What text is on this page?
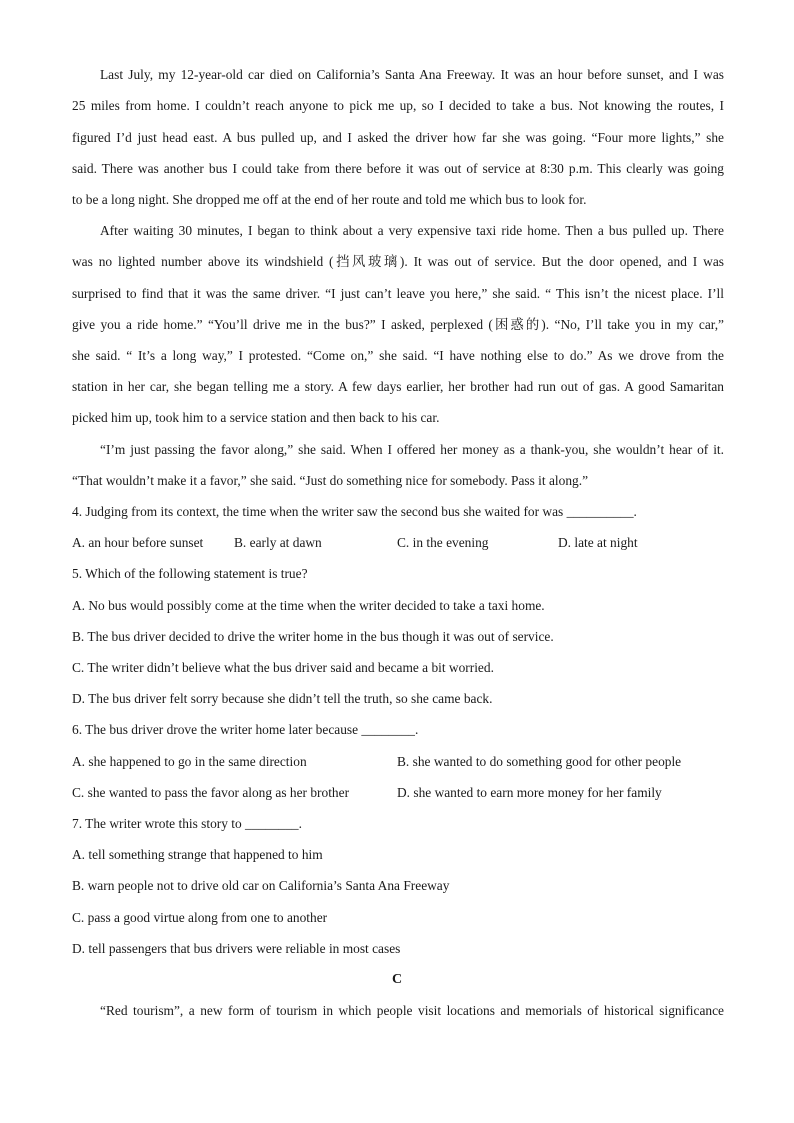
Last July, my 12-year-old car died on California’s Santa Ana Freeway. It was an hour before sunset, and I was
25 miles from home. I couldn’t reach anyone to pick me up, so I decided to take a bus. Not knowing the routes, I
figured I’d just head east. A bus pulled up, and I asked the driver how far she was going. “Four more lights,” she
said. There was another bus I could take from there before it was out of service at 8:30 p.m. This clearly was going
to be a long night. She dropped me off at the end of her route and told me which bus to look for.
After waiting 30 minutes, I began to think about a very expensive taxi ride home. Then a bus pulled up. There
was no lighted number above its windshield (挡风玻璃). It was out of service. But the door opened, and I was
surprised to find that it was the same driver. “I just can’t leave you here,” she said. “ This isn’t the nicest place. I’ll
give you a ride home.” “You’ll drive me in the bus?” I asked, perplexed (困惑的). “No, I’ll take you in my car,”
she said. “ It’s a long way,” I protested. “Come on,” she said. “I have nothing else to do.” As we drove from the
station in her car, she began telling me a story. A few days earlier, her brother had run out of gas. A good Samaritan
picked him up, took him to a service station and then back to his car.
“I’m just passing the favor along,” she said. When I offered her money as a thank-you, she wouldn’t hear of it.
“That wouldn’t make it a favor,” she said. “Just do something nice for somebody. Pass it along.”
4. Judging from its context, the time when the writer saw the second bus she waited for was __________.
A. an hour before sunset B. early at dawn	C. in the evening	D. late at night
5. Which of the following statement is true?
A. No bus would possibly come at the time when the writer decided to take a taxi home.
B. The bus driver decided to drive the writer home in the bus though it was out of service.
C. The writer didn’t believe what the bus driver said and became a bit worried.
D. The bus driver felt sorry because she didn’t tell the truth, so she came back.
6. The bus driver drove the writer home later because ________.
A. she happened to go in the same direction	B. she wanted to do something good for other people
C. she wanted to pass the favor along as her brother	D. she wanted to earn more money for her family
7. The writer wrote this story to ________.
A. tell something strange that happened to him
B. warn people not to drive old car on California’s Santa Ana Freeway
C. pass a good virtue along from one to another
D. tell passengers that bus drivers were reliable in most cases
C
“Red tourism”, a new form of tourism in which people visit locations and memorials of historical significance
